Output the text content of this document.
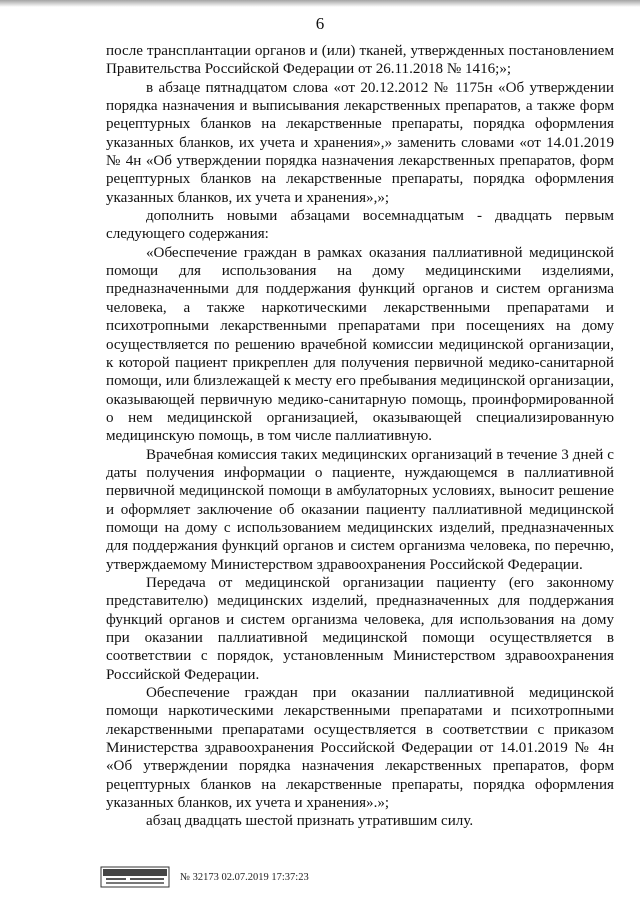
6

после трансплантации органов и (или) тканей, утвержденных постановлением Правительства Российской Федерации от 26.11.2018 № 1416;»;

в абзаце пятнадцатом слова «от 20.12.2012 № 1175н «Об утверждении порядка назначения и выписывания лекарственных препаратов, а также форм рецептурных бланков на лекарственные препараты, порядка оформления указанных бланков, их учета и хранения»,» заменить словами «от 14.01.2019 № 4н «Об утверждении порядка назначения лекарственных препаратов, форм рецептурных бланков на лекарственные препараты, порядка оформления указанных бланков, их учета и хранения»,»;

дополнить новыми абзацами восемнадцатым - двадцать первым следующего содержания:

«Обеспечение граждан в рамках оказания паллиативной медицинской помощи для использования на дому медицинскими изделиями, предназначенными для поддержания функций органов и систем организма человека, а также наркотическими лекарственными препаратами и психотропными лекарственными препаратами при посещениях на дому осуществляется по решению врачебной комиссии медицинской организации, к которой пациент прикреплен для получения первичной медико-санитарной помощи, или близлежащей к месту его пребывания медицинской организации, оказывающей первичную медико-санитарную помощь, проинформированной о нем медицинской организацией, оказывающей специализированную медицинскую помощь, в том числе паллиативную.

Врачебная комиссия таких медицинских организаций в течение 3 дней с даты получения информации о пациенте, нуждающемся в паллиативной первичной медицинской помощи в амбулаторных условиях, выносит решение и оформляет заключение об оказании пациенту паллиативной медицинской помощи на дому с использованием медицинских изделий, предназначенных для поддержания функций органов и систем организма человека, по перечню, утверждаемому Министерством здравоохранения Российской Федерации.

Передача от медицинской организации пациенту (его законному представителю) медицинских изделий, предназначенных для поддержания функций органов и систем организма человека, для использования на дому при оказании паллиативной медицинской помощи осуществляется в соответствии с порядок, установленным Министерством здравоохранения Российской Федерации.

Обеспечение граждан при оказании паллиативной медицинской помощи наркотическими лекарственными препаратами и психотропными лекарственными препаратами осуществляется в соответствии с приказом Министерства здравоохранения Российской Федерации от 14.01.2019 № 4н «Об утверждении порядка назначения лекарственных препаратов, форм рецептурных бланков на лекарственные препараты, порядка оформления указанных бланков, их учета и хранения».»;

абзац двадцать шестой признать утратившим силу.

№ 32173 02.07.2019 17:37:23
